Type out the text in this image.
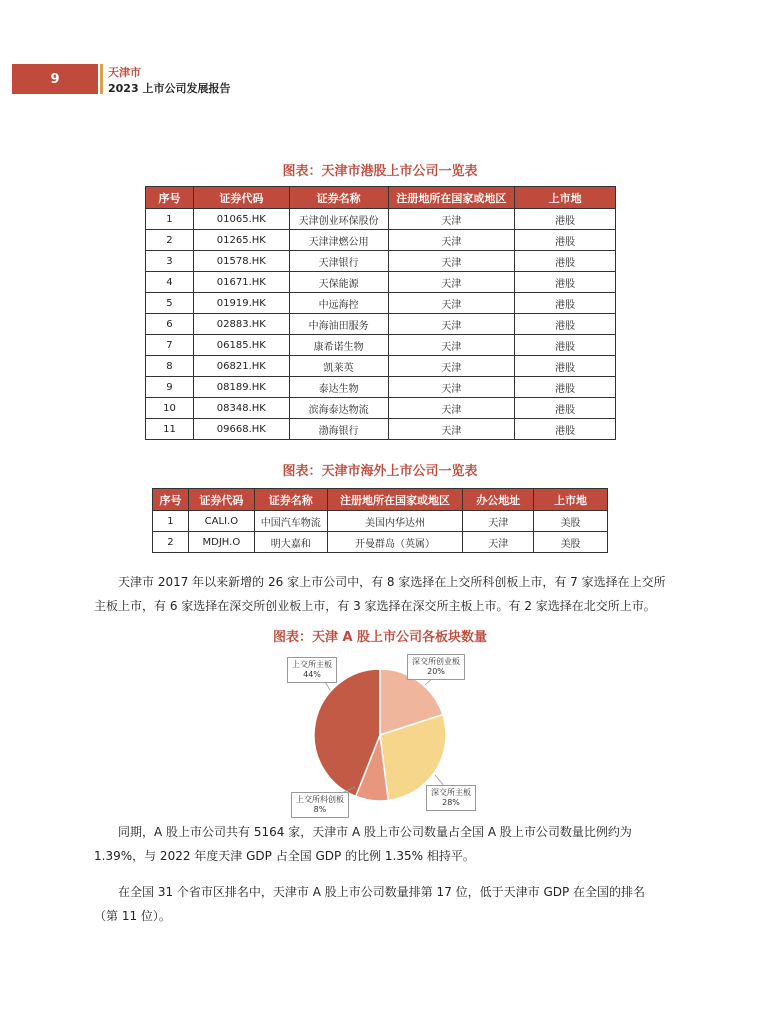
9	天津市
2023 上市公司发展报告
图表：天津市港股上市公司一览表
序号	证券代码	证券名称	注册地所在国家或地区	上市地
1	01065.HK	天津创业环保股份	天津	港股
2	01265.HK	天津津燃公用	天津	港股
3	01578.HK	天津银行	天津	港股
4	01671.HK	天保能源	天津	港股
5	01919.HK	中远海控	天津	港股
6	02883.HK	中海油田服务	天津	港股
7	06185.HK	康希诺生物	天津	港股
8	06821.HK	凯莱英	天津	港股
9	08189.HK	泰达生物	天津	港股
10	08348.HK	滨海泰达物流	天津	港股
11	09668.HK	渤海银行	天津	港股
图表：天津市海外上市公司一览表
序号	证券代码	证券名称	注册地所在国家或地区	办公地址	上市地
1	CALI.O	中国汽车物流	美国内华达州	天津	美股
2	MDJH.O	明大嘉和	开曼群岛（英属）	天津	美股
天津市 2017 年以来新增的 26 家上市公司中，有 8 家选择在上交所科创板上市，有 7 家选择在上交所主板上市，有 6 家选择在深交所创业板上市，有 3 家选择在深交所主板上市。有 2 家选择在北交所上市。
图表：天津 A 股上市公司各板块数量
上交所主板
44%
深交所创业板
20%
深交所主板
28%
上交所科创板
8%
同期，A 股上市公司共有 5164 家，天津市 A 股上市公司数量占全国 A 股上市公司数量比例约为 1.39%，与 2022 年度天津 GDP 占全国 GDP 的比例 1.35% 相持平。
在全国 31 个省市区排名中，天津市 A 股上市公司数量排第 17 位，低于天津市 GDP 在全国的排名（第 11 位）。
